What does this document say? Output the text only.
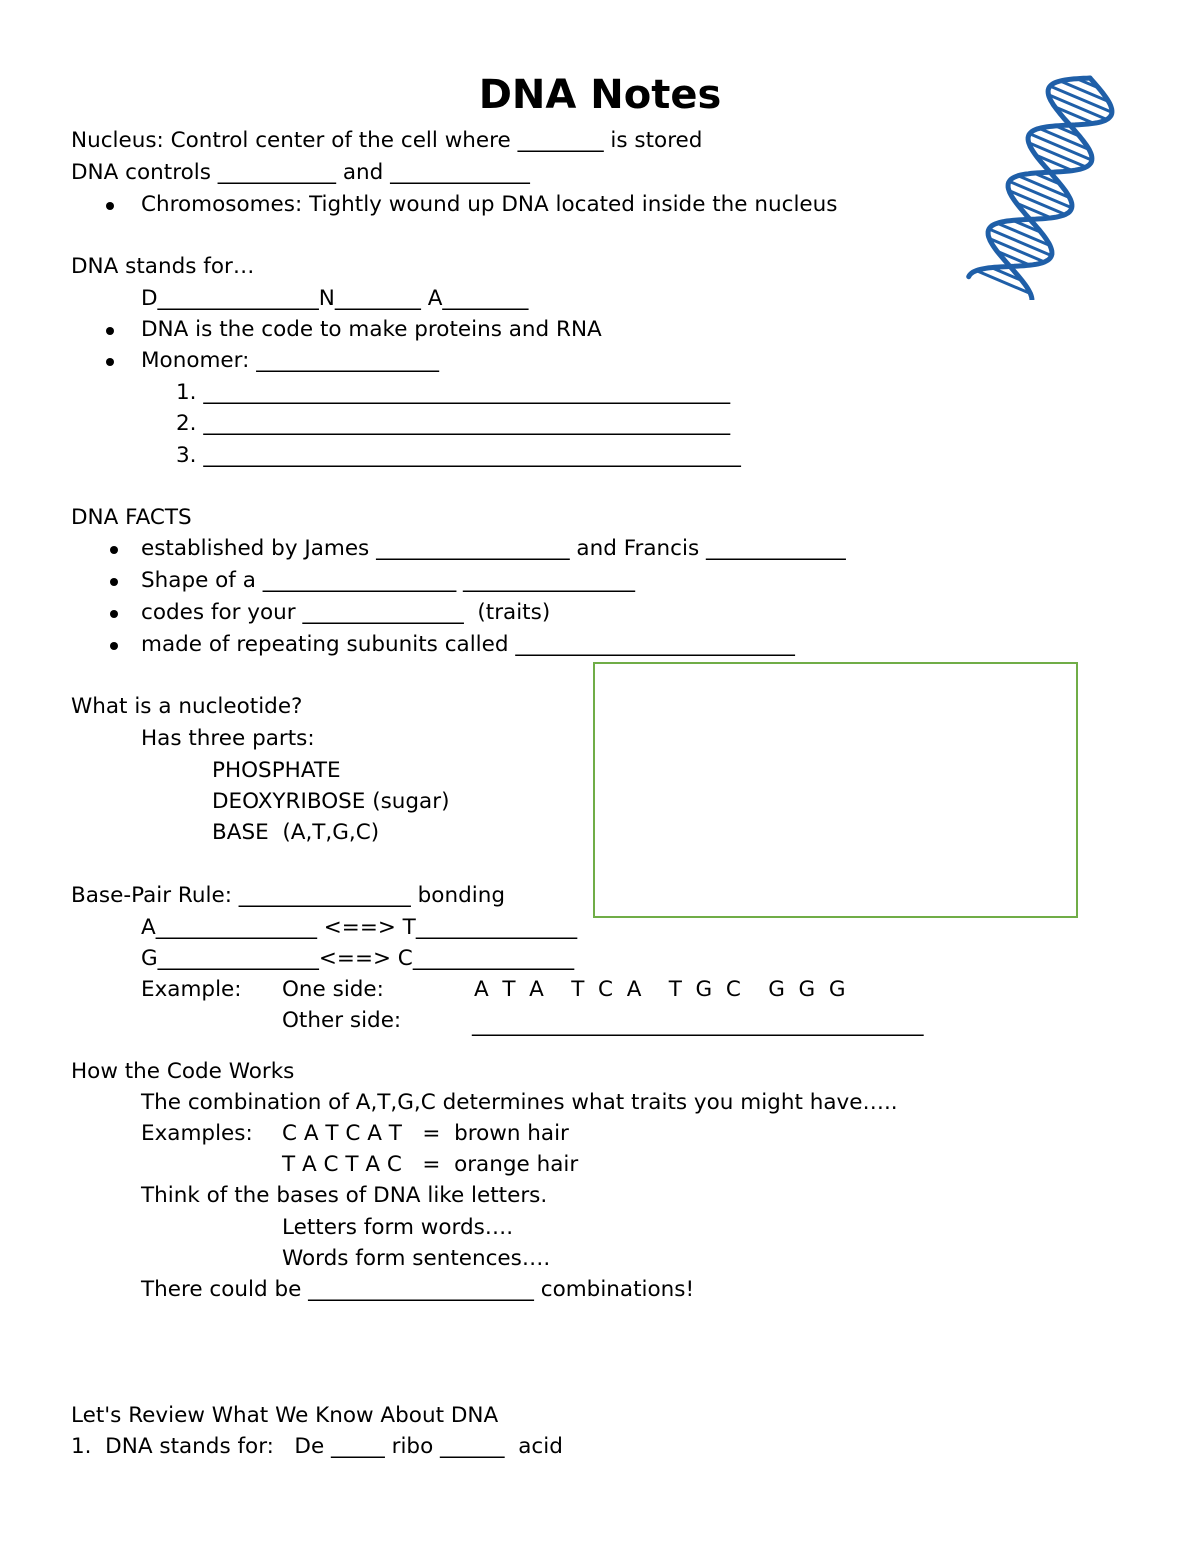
DNA Notes
Nucleus: Control center of the cell where ________ is stored
DNA controls ___________ and _____________
Chromosomes: Tightly wound up DNA located inside the nucleus
DNA stands for…
D_______________N________ A________
DNA is the code to make proteins and RNA
Monomer: _________________
1. _________________________________________________
2. _________________________________________________
3. __________________________________________________
DNA FACTS
established by James __________________ and Francis _____________
Shape of a __________________ ________________
codes for your _______________  (traits)
made of repeating subunits called __________________________
What is a nucleotide?
Has three parts:
PHOSPHATE
DEOXYRIBOSE (sugar)
BASE  (A,T,G,C)
Base-Pair Rule: ________________ bonding
A_______________ <==> T_______________
G_______________<==> C_______________
Example: One side:	A  T  A    T  C  A    T  G  C    G  G  G
Other side:	__________________________________________
How the Code Works
The combination of A,T,G,C determines what traits you might have…..
Examples: C A T C A T   =  brown hair
T A C T A C   =  orange hair
Think of the bases of DNA like letters.
Letters form words….
Words form sentences….
There could be _____________________ combinations!
Let's Review What We Know About DNA
1.  DNA stands for:   De _____ ribo ______  acid
